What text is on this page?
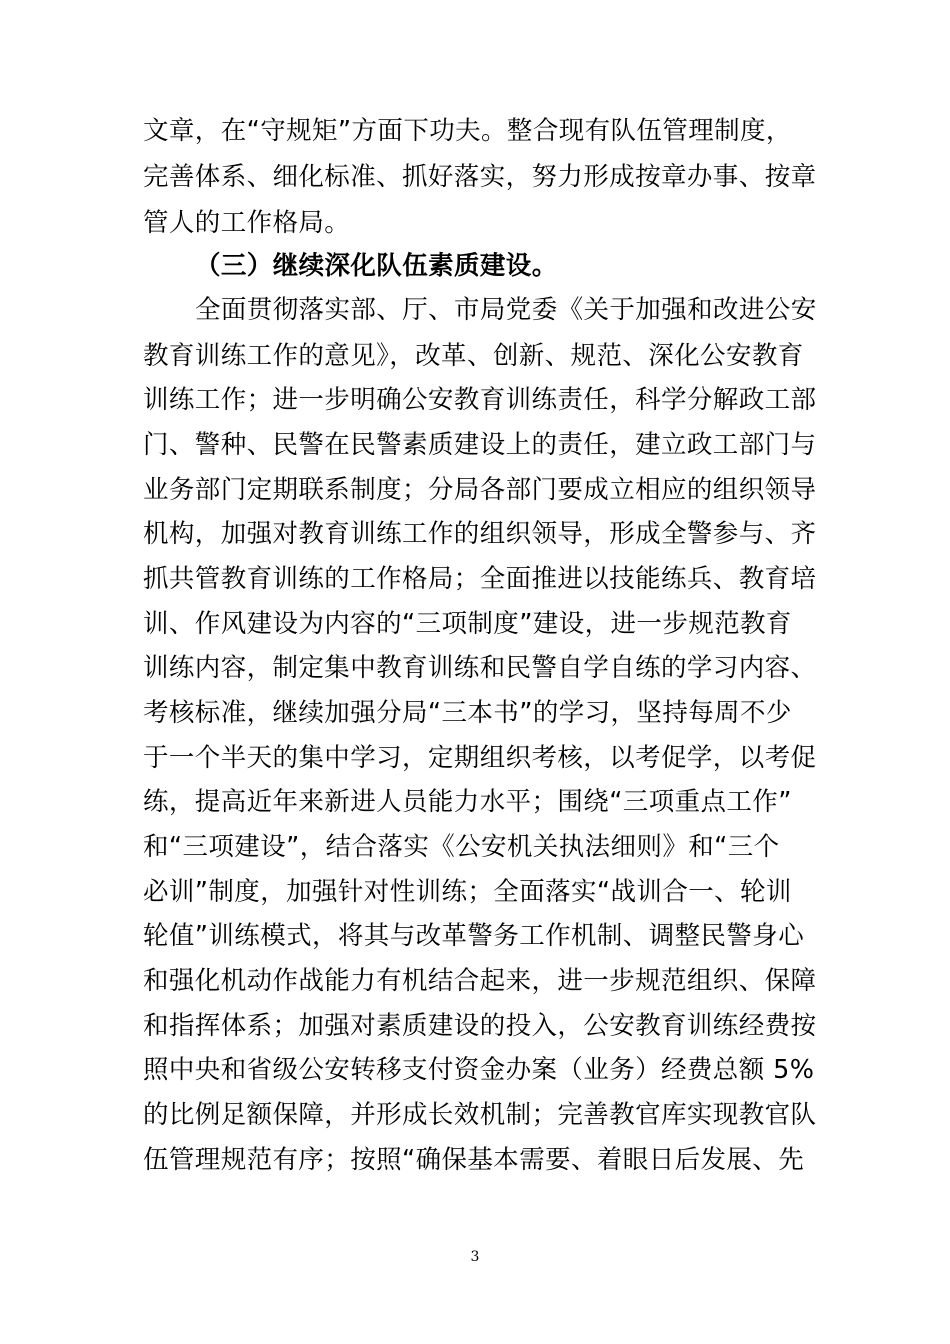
文章，在“守规矩”方面下功夫。整合现有队伍管理制度，
完善体系、细化标准、抓好落实，努力形成按章办事、按章
管人的工作格局。
（三）继续深化队伍素质建设。
全面贯彻落实部、厅、市局党委《关于加强和改进公安
教育训练工作的意见》，改革、创新、规范、深化公安教育
训练工作；进一步明确公安教育训练责任，科学分解政工部
门、警种、民警在民警素质建设上的责任，建立政工部门与
业务部门定期联系制度；分局各部门要成立相应的组织领导
机构，加强对教育训练工作的组织领导，形成全警参与、齐
抓共管教育训练的工作格局；全面推进以技能练兵、教育培
训、作风建设为内容的“三项制度”建设，进一步规范教育
训练内容，制定集中教育训练和民警自学自练的学习内容、
考核标准，继续加强分局“三本书”的学习，坚持每周不少
于一个半天的集中学习，定期组织考核，以考促学，以考促
练，提高近年来新进人员能力水平；围绕“三项重点工作”
和“三项建设”，结合落实《公安机关执法细则》和“三个
必训”制度，加强针对性训练；全面落实“战训合一、轮训
轮值”训练模式，将其与改革警务工作机制、调整民警身心
和强化机动作战能力有机结合起来，进一步规范组织、保障
和指挥体系；加强对素质建设的投入，公安教育训练经费按
照中央和省级公安转移支付资金办案（业务）经费总额 5%
的比例足额保障，并形成长效机制；完善教官库实现教官队
伍管理规范有序；按照“确保基本需要、着眼日后发展、先
3
